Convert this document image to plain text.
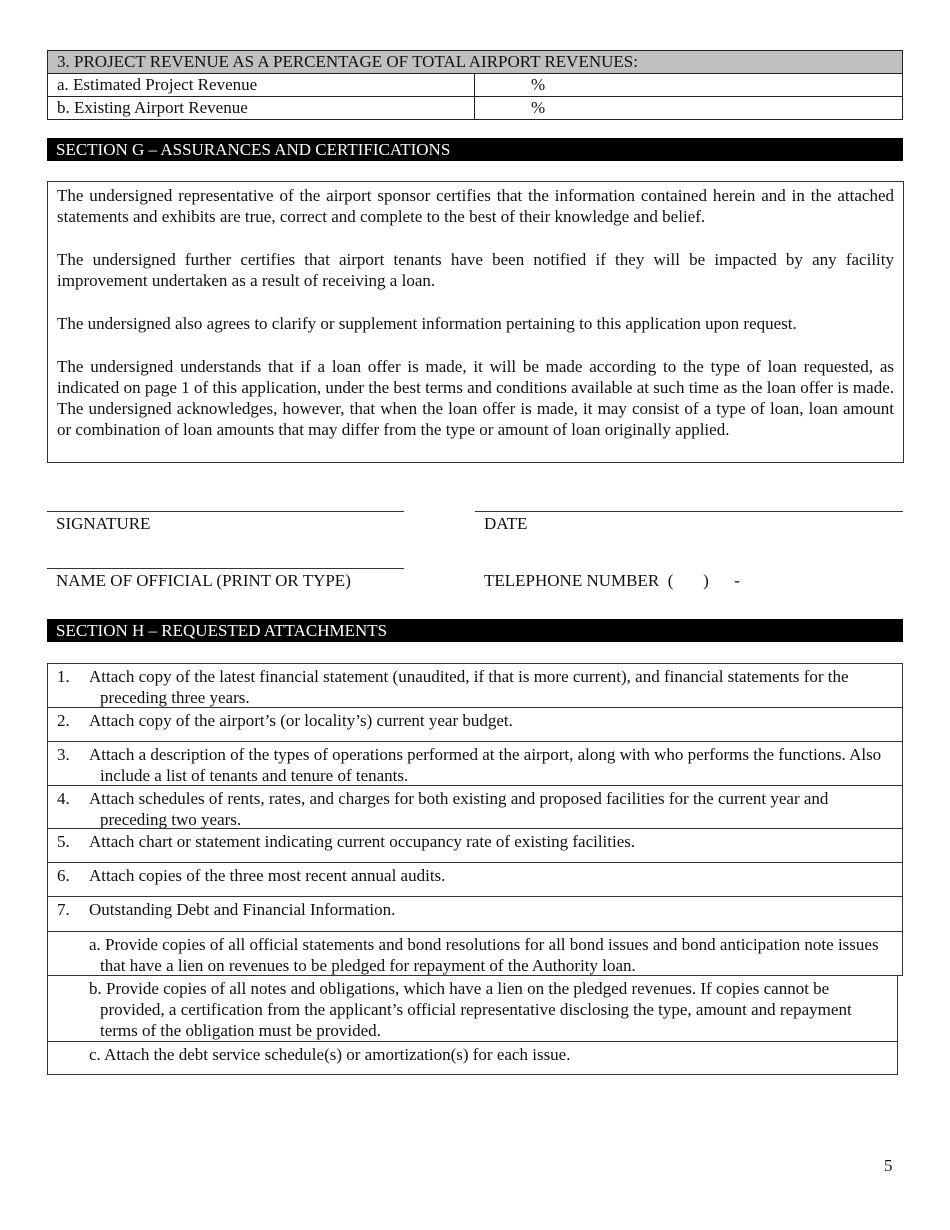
3. PROJECT REVENUE AS A PERCENTAGE OF TOTAL AIRPORT REVENUES:
a. Estimated Project Revenue	%
b. Existing Airport Revenue	%
SECTION G – ASSURANCES AND CERTIFICATIONS

The undersigned representative of the airport sponsor certifies that the information contained herein and in the attached statements and exhibits are true, correct and complete to the best of their knowledge and belief.

The undersigned further certifies that airport tenants have been notified if they will be impacted by any facility improvement undertaken as a result of receiving a loan.

The undersigned also agrees to clarify or supplement information pertaining to this application upon request.

The undersigned understands that if a loan offer is made, it will be made according to the type of loan requested, as indicated on page 1 of this application, under the best terms and conditions available at such time as the loan offer is made. The undersigned acknowledges, however, that when the loan offer is made, it may consist of a type of loan, loan amount or combination of loan amounts that may differ from the type or amount of loan originally applied.

SIGNATURE	DATE
NAME OF OFFICIAL (PRINT OR TYPE)	TELEPHONE NUMBER  (       )      -
SECTION H – REQUESTED ATTACHMENTS
1. Attach copy of the latest financial statement (unaudited, if that is more current), and financial statements for the preceding three years.
2. Attach copy of the airport’s (or locality’s) current year budget.
3. Attach a description of the types of operations performed at the airport, along with who performs the functions. Also include a list of tenants and tenure of tenants.
4. Attach schedules of rents, rates, and charges for both existing and proposed facilities for the current year and preceding two years.
5. Attach chart or statement indicating current occupancy rate of existing facilities.
6. Attach copies of the three most recent annual audits.
7. Outstanding Debt and Financial Information.
a. Provide copies of all official statements and bond resolutions for all bond issues and bond anticipation note issues that have a lien on revenues to be pledged for repayment of the Authority loan.
b. Provide copies of all notes and obligations, which have a lien on the pledged revenues. If copies cannot be provided, a certification from the applicant’s official representative disclosing the type, amount and repayment terms of the obligation must be provided.
c. Attach the debt service schedule(s) or amortization(s) for each issue.
5
